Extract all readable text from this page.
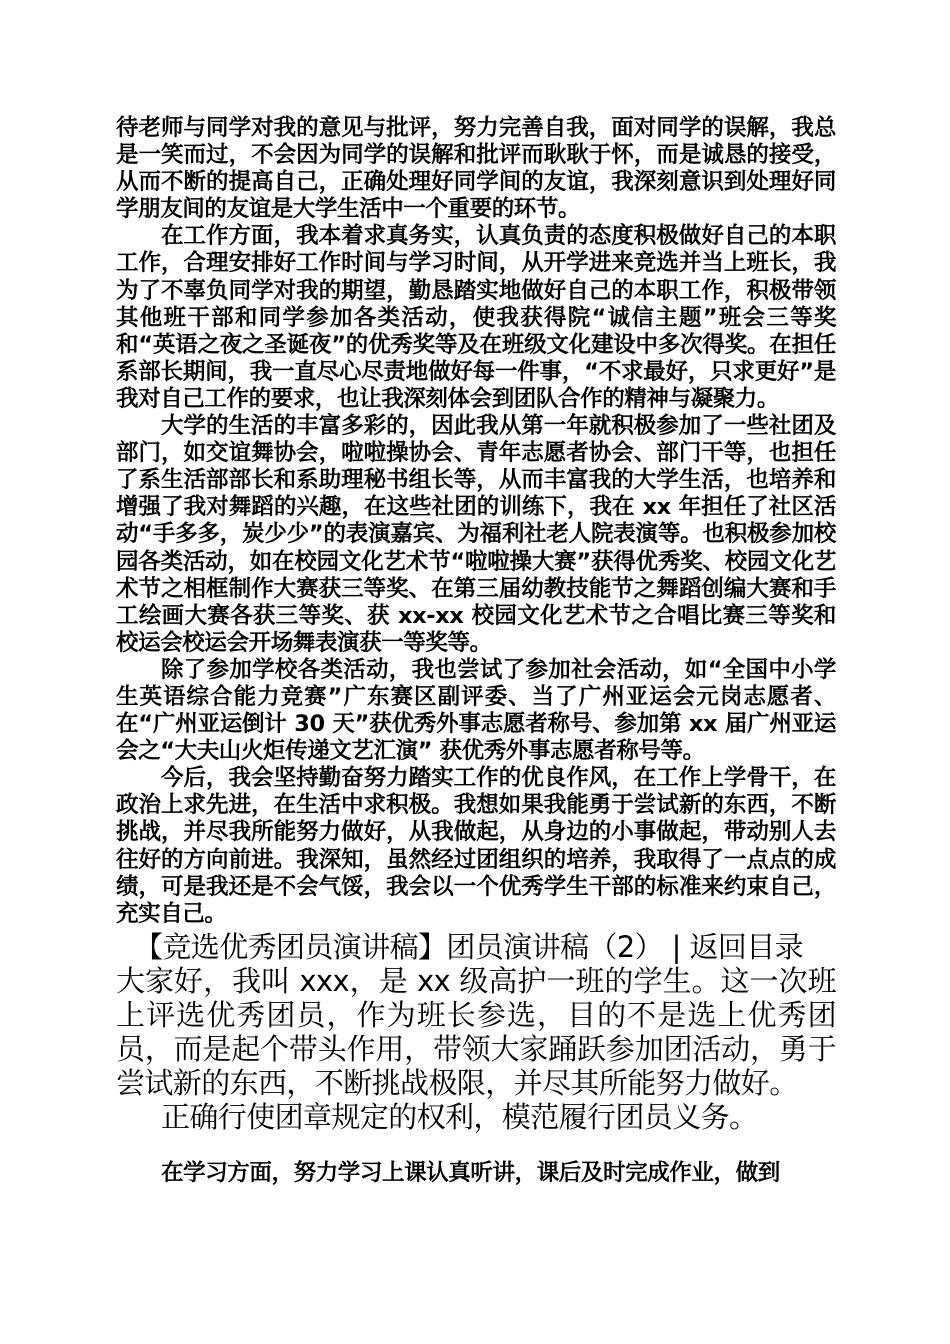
待老师与同学对我的意见与批评，努力完善自我，面对同学的误解，我总是一笑而过，不会因为同学的误解和批评而耿耿于怀，而是诚恳的接受，从而不断的提高自己，正确处理好同学间的友谊，我深刻意识到处理好同学朋友间的友谊是大学生活中一个重要的环节。

在工作方面，我本着求真务实，认真负责的态度积极做好自己的本职工作，合理安排好工作时间与学习时间，从开学进来竞选并当上班长，我为了不辜负同学对我的期望，勤恳踏实地做好自己的本职工作，积极带领其他班干部和同学参加各类活动，使我获得院“诚信主题”班会三等奖和“英语之夜之圣诞夜”的优秀奖等及在班级文化建设中多次得奖。在担任系部长期间，我一直尽心尽责地做好每一件事，“不求最好，只求更好”是我对自己工作的要求，也让我深刻体会到团队合作的精神与凝聚力。

大学的生活的丰富多彩的，因此我从第一年就积极参加了一些社团及部门，如交谊舞协会，啦啦操协会、青年志愿者协会、部门干等，也担任了系生活部部长和系助理秘书组长等，从而丰富我的大学生活，也培养和增强了我对舞蹈的兴趣，在这些社团的训练下，我在 xx 年担任了社区活动“手多多，炭少少”的表演嘉宾、为福利社老人院表演等。也积极参加校园各类活动，如在校园文化艺术节“啦啦操大赛”获得优秀奖、校园文化艺术节之相框制作大赛获三等奖、在第三届幼教技能节之舞蹈创编大赛和手工绘画大赛各获三等奖、获 xx-xx 校园文化艺术节之合唱比赛三等奖和校运会校运会开场舞表演获一等奖等。

除了参加学校各类活动，我也尝试了参加社会活动，如“全国中小学生英语综合能力竞赛”广东赛区副评委、当了广州亚运会元岗志愿者、在“广州亚运倒计 30 天”获优秀外事志愿者称号、参加第 xx 届广州亚运会之“大夫山火炬传递文艺汇演” 获优秀外事志愿者称号等。

今后，我会坚持勤奋努力踏实工作的优良作风，在工作上学骨干，在政治上求先进，在生活中求积极。我想如果我能勇于尝试新的东西，不断挑战，并尽我所能努力做好，从我做起，从身边的小事做起，带动别人去往好的方向前进。我深知，虽然经过团组织的培养，我取得了一点点的成绩，可是我还是不会气馁，我会以一个优秀学生干部的标准来约束自己，充实自己。

【竞选优秀团员演讲稿】团员演讲稿（2） | 返回目录

大家好，我叫 xxx，是 xx 级高护一班的学生。这一次班上评选优秀团员，作为班长参选，目的不是选上优秀团员，而是起个带头作用，带领大家踊跃参加团活动，勇于尝试新的东西，不断挑战极限，并尽其所能努力做好。

正确行使团章规定的权利，模范履行团员义务。

在学习方面，努力学习上课认真听讲，课后及时完成作业，做到
